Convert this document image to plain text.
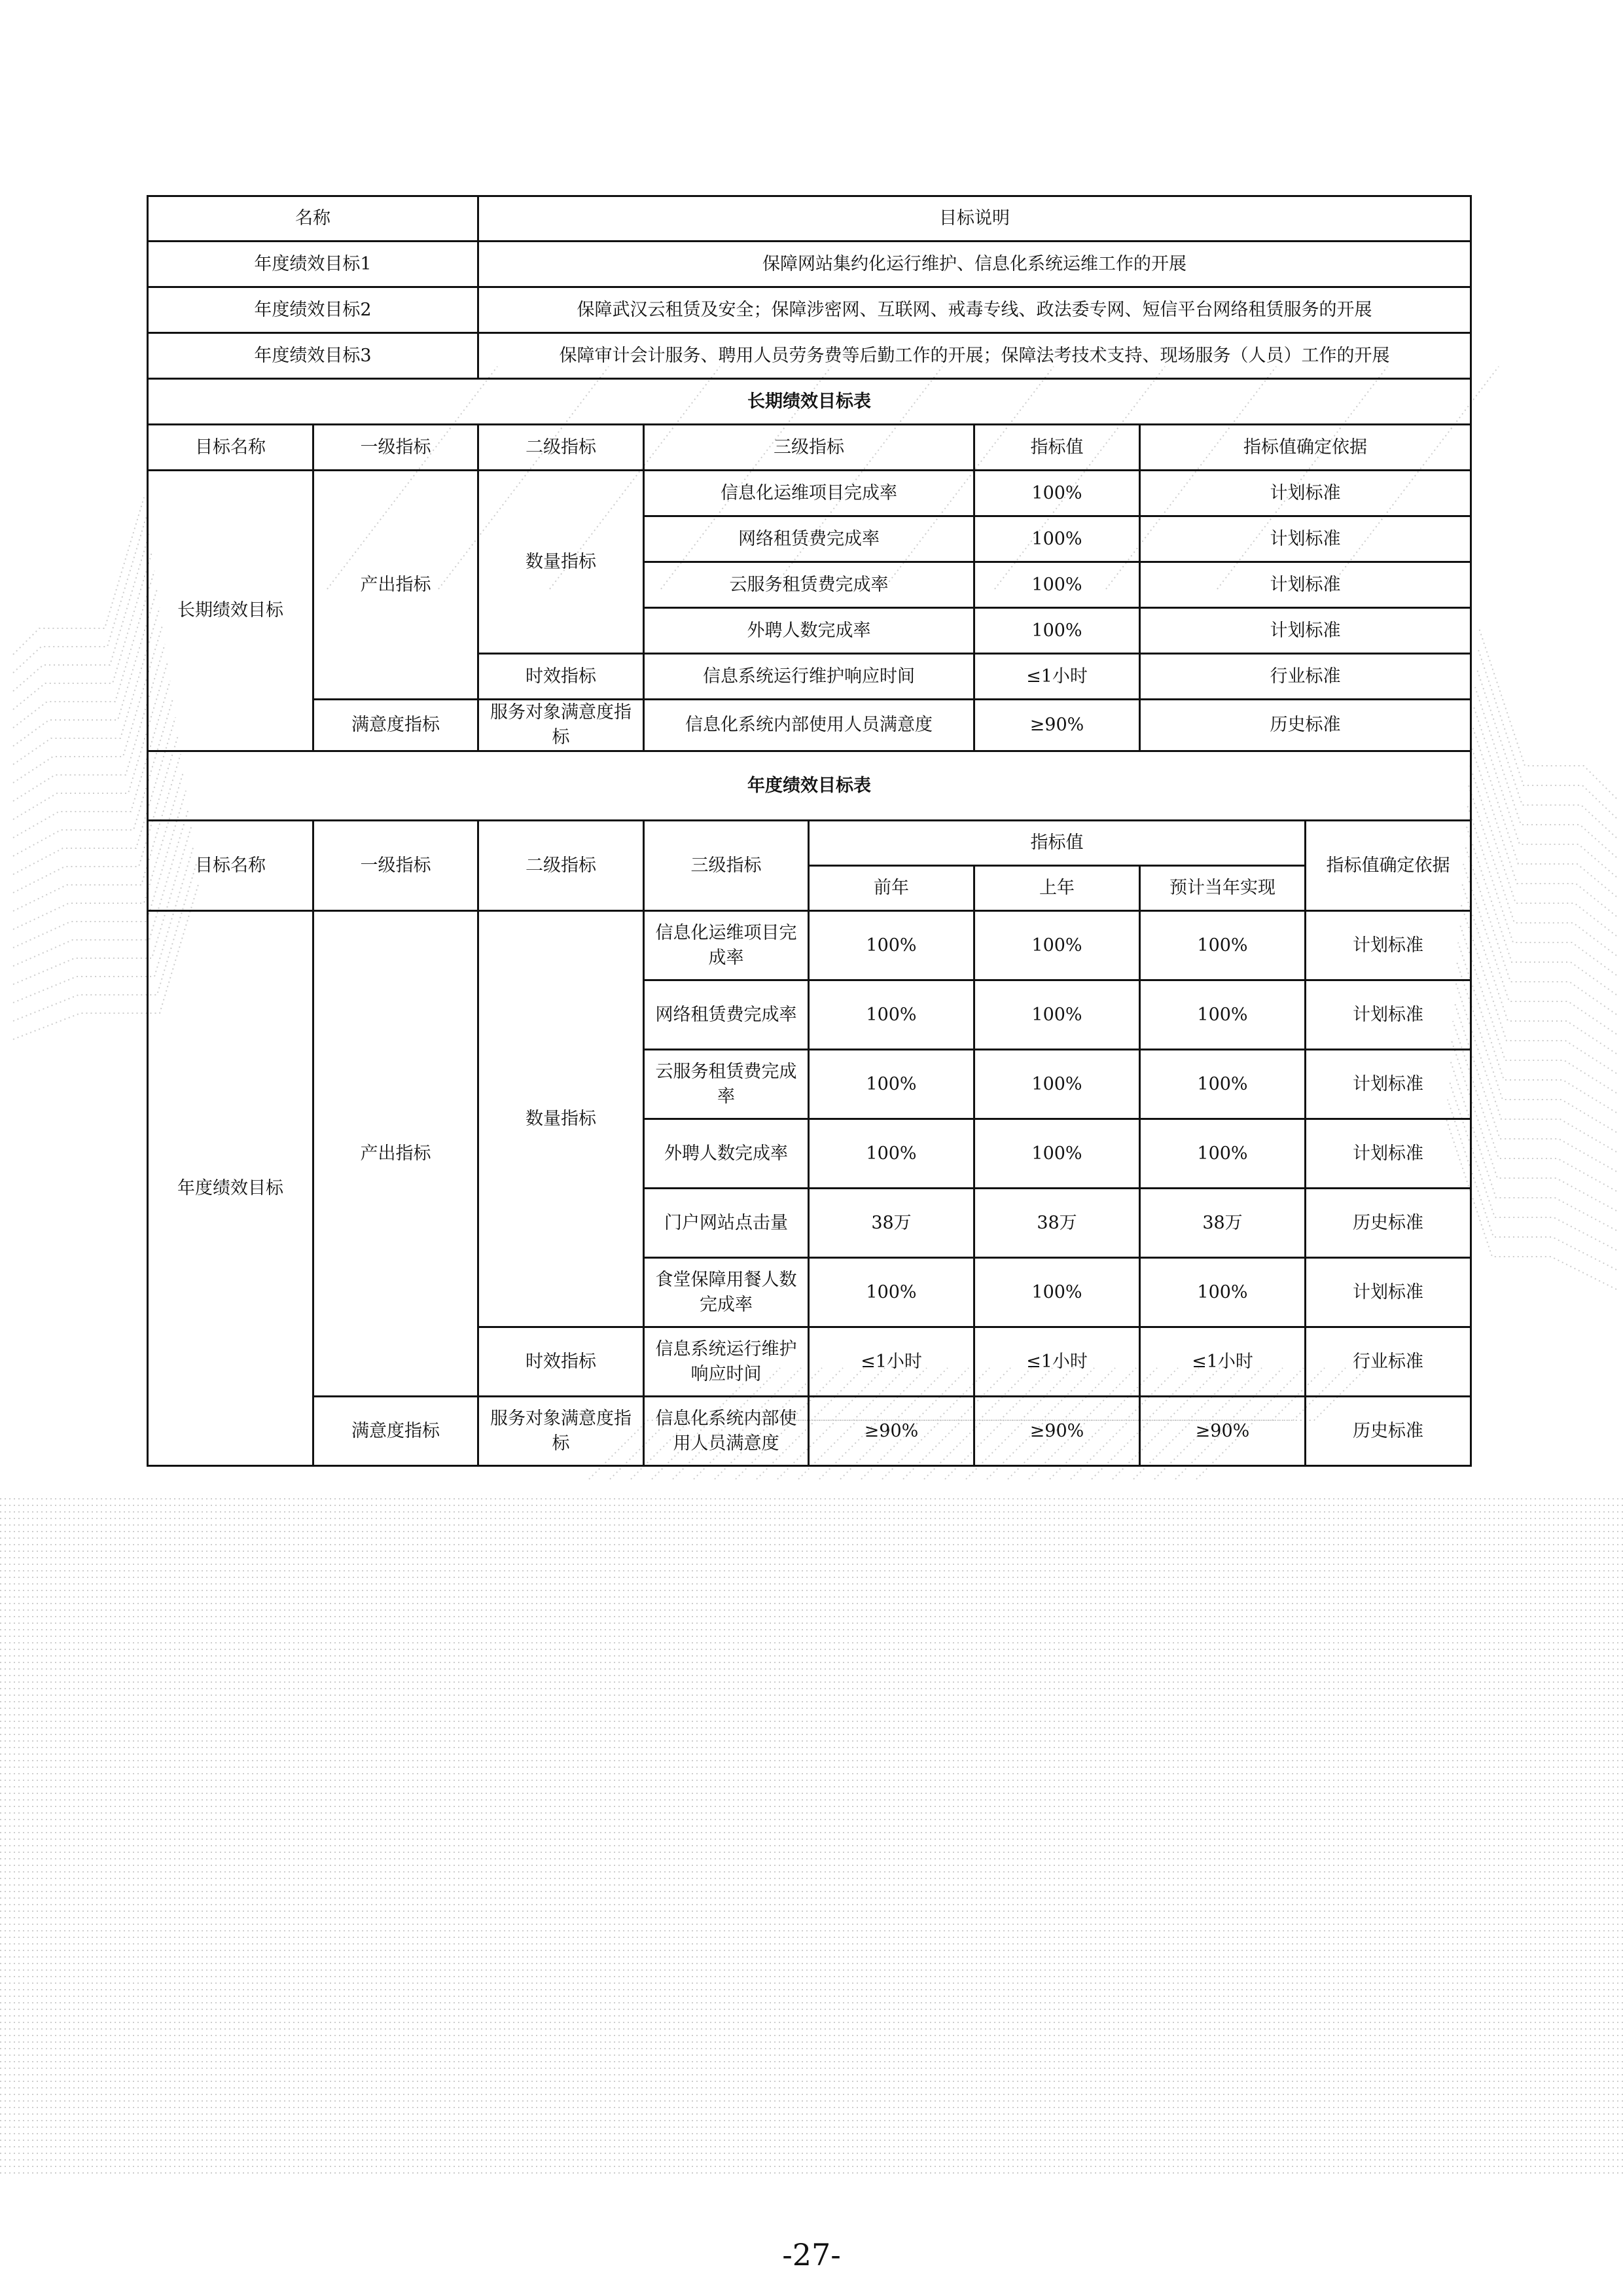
名称	目标说明
年度绩效目标1	保障网站集约化运行维护、信息化系统运维工作的开展
年度绩效目标2	保障武汉云租赁及安全；保障涉密网、互联网、戒毒专线、政法委专网、短信平台网络租赁服务的开展
年度绩效目标3	保障审计会计服务、聘用人员劳务费等后勤工作的开展；保障法考技术支持、现场服务（人员）工作的开展
长期绩效目标表					
目标名称	一级指标	二级指标	三级指标	指标值	指标值确定依据
长期绩效目标	产出指标	数量指标	信息化运维项目完成率	100%	计划标准
			网络租赁费完成率	100%	计划标准
			云服务租赁费完成率	100%	计划标准
			外聘人数完成率	100%	计划标准
		时效指标	信息系统运行维护响应时间	≤1小时	行业标准
	满意度指标	服务对象满意度指标	信息化系统内部使用人员满意度	≥90%	历史标准
年度绩效目标表							
目标名称	一级指标	二级指标	三级指标	指标值			指标值确定依据
				前年	上年	预计当年实现	
年度绩效目标	产出指标	数量指标	信息化运维项目完成率	100%	100%	100%	计划标准
			网络租赁费完成率	100%	100%	100%	计划标准
			云服务租赁费完成率	100%	100%	100%	计划标准
			外聘人数完成率	100%	100%	100%	计划标准
			门户网站点击量	38万	38万	38万	历史标准
			食堂保障用餐人数完成率	100%	100%	100%	计划标准
		时效指标	信息系统运行维护响应时间	≤1小时	≤1小时	≤1小时	行业标准
	满意度指标	服务对象满意度指标	信息化系统内部使用人员满意度	≥90%	≥90%	≥90%	历史标准
-27-
